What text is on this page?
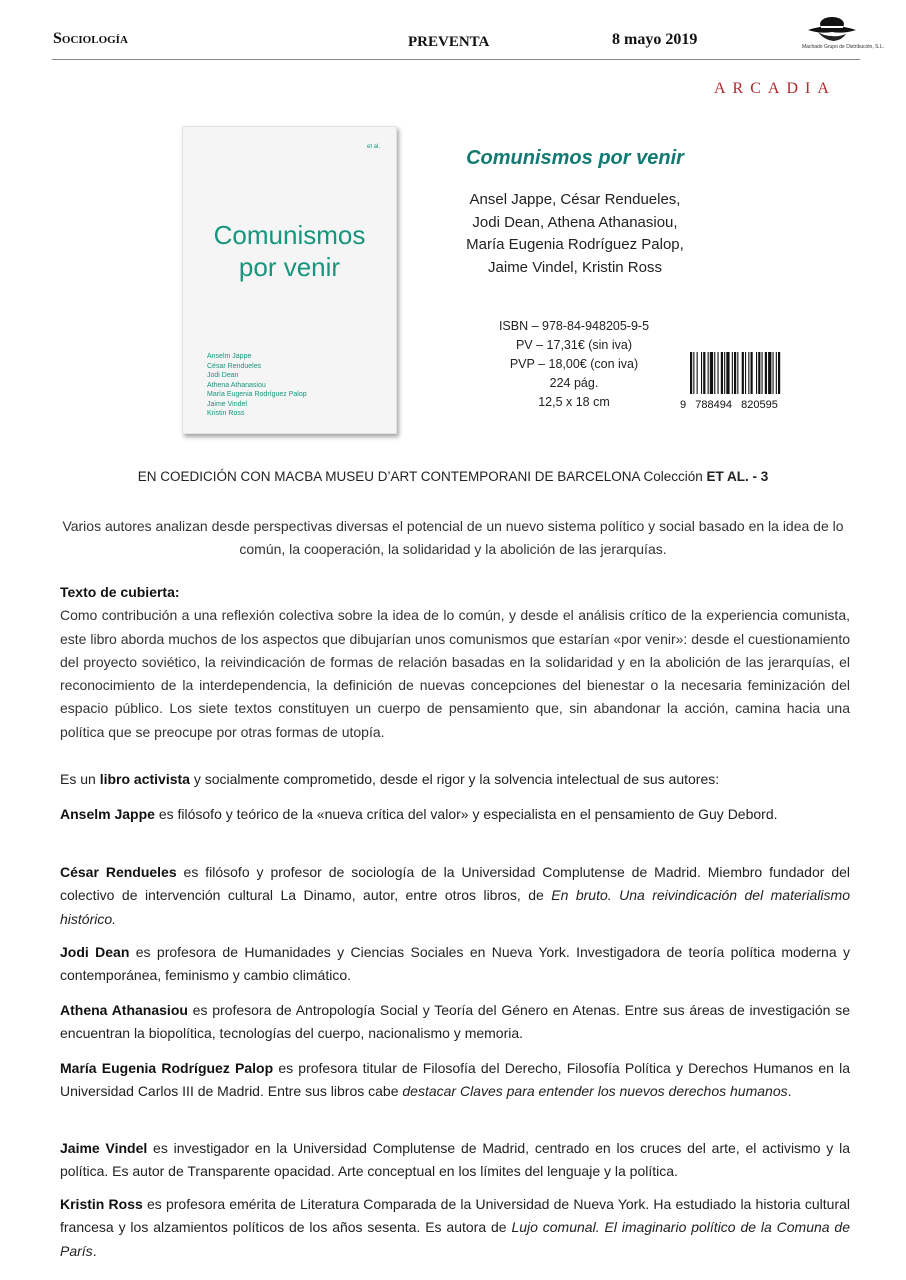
Sociología	PREVENTA	8 mayo 2019	Machado Grupo de Distribución, S.L.
ARCADIA
et al.
Comunismos
por venir
Anselm Jappe
César Rendueles
Jodi Dean
Athena Athanasiou
María Eugenia Rodríguez Palop
Jaime Vindel
Kristin Ross
Comunismos por venir
Ansel Jappe, César Rendueles,
Jodi Dean, Athena Athanasiou,
María Eugenia Rodríguez Palop,
Jaime Vindel, Kristin Ross
ISBN – 978-84-948205-9-5
PV – 17,31€ (sin iva)
PVP – 18,00€ (con iva)
224 pág.
12,5 x 18 cm	9   788494   820595
EN COEDICIÓN CON MACBA MUSEU D’ART CONTEMPORANI DE BARCELONA Colección ET AL. - 3
Varios autores analizan desde perspectivas diversas el potencial de un nuevo sistema político y social basado en la idea de lo común, la cooperación, la solidaridad y la abolición de las jerarquías.
Texto de cubierta:
Como contribución a una reflexión colectiva sobre la idea de lo común, y desde el análisis crítico de la experiencia comunista, este libro aborda muchos de los aspectos que dibujarían unos comunismos que estarían «por venir»: desde el cuestionamiento del proyecto soviético, la reivindicación de formas de relación basadas en la solidaridad y en la abolición de las jerarquías, el reconocimiento de la interdependencia, la definición de nuevas concepciones del bienestar o la necesaria feminización del espacio público. Los siete textos constituyen un cuerpo de pensamiento que, sin abandonar la acción, camina hacia una política que se preocupe por otras formas de utopía.
Es un libro activista y socialmente comprometido, desde el rigor y la solvencia intelectual de sus autores:
Anselm Jappe es filósofo y teórico de la «nueva crítica del valor» y especialista en el pensamiento de Guy Debord.
César Rendueles es filósofo y profesor de sociología de la Universidad Complutense de Madrid. Miembro fundador del colectivo de intervención cultural La Dinamo, autor, entre otros libros, de En bruto. Una reivindicación del materialismo histórico.
Jodi Dean es profesora de Humanidades y Ciencias Sociales en Nueva York. Investigadora de teoría política moderna y contemporánea, feminismo y cambio climático.
Athena Athanasiou es profesora de Antropología Social y Teoría del Género en Atenas. Entre sus áreas de investigación se encuentran la biopolítica, tecnologías del cuerpo, nacionalismo y memoria.
María Eugenia Rodríguez Palop es profesora titular de Filosofía del Derecho, Filosofía Política y Derechos Humanos en la Universidad Carlos III de Madrid. Entre sus libros cabe destacar Claves para entender los nuevos derechos humanos.
Jaime Vindel es investigador en la Universidad Complutense de Madrid, centrado en los cruces del arte, el activismo y la política. Es autor de Transparente opacidad. Arte conceptual en los límites del lenguaje y la política.
Kristin Ross es profesora emérita de Literatura Comparada de la Universidad de Nueva York. Ha estudiado la historia cultural francesa y los alzamientos políticos de los años sesenta. Es autora de Lujo comunal. El imaginario político de la Comuna de París.
